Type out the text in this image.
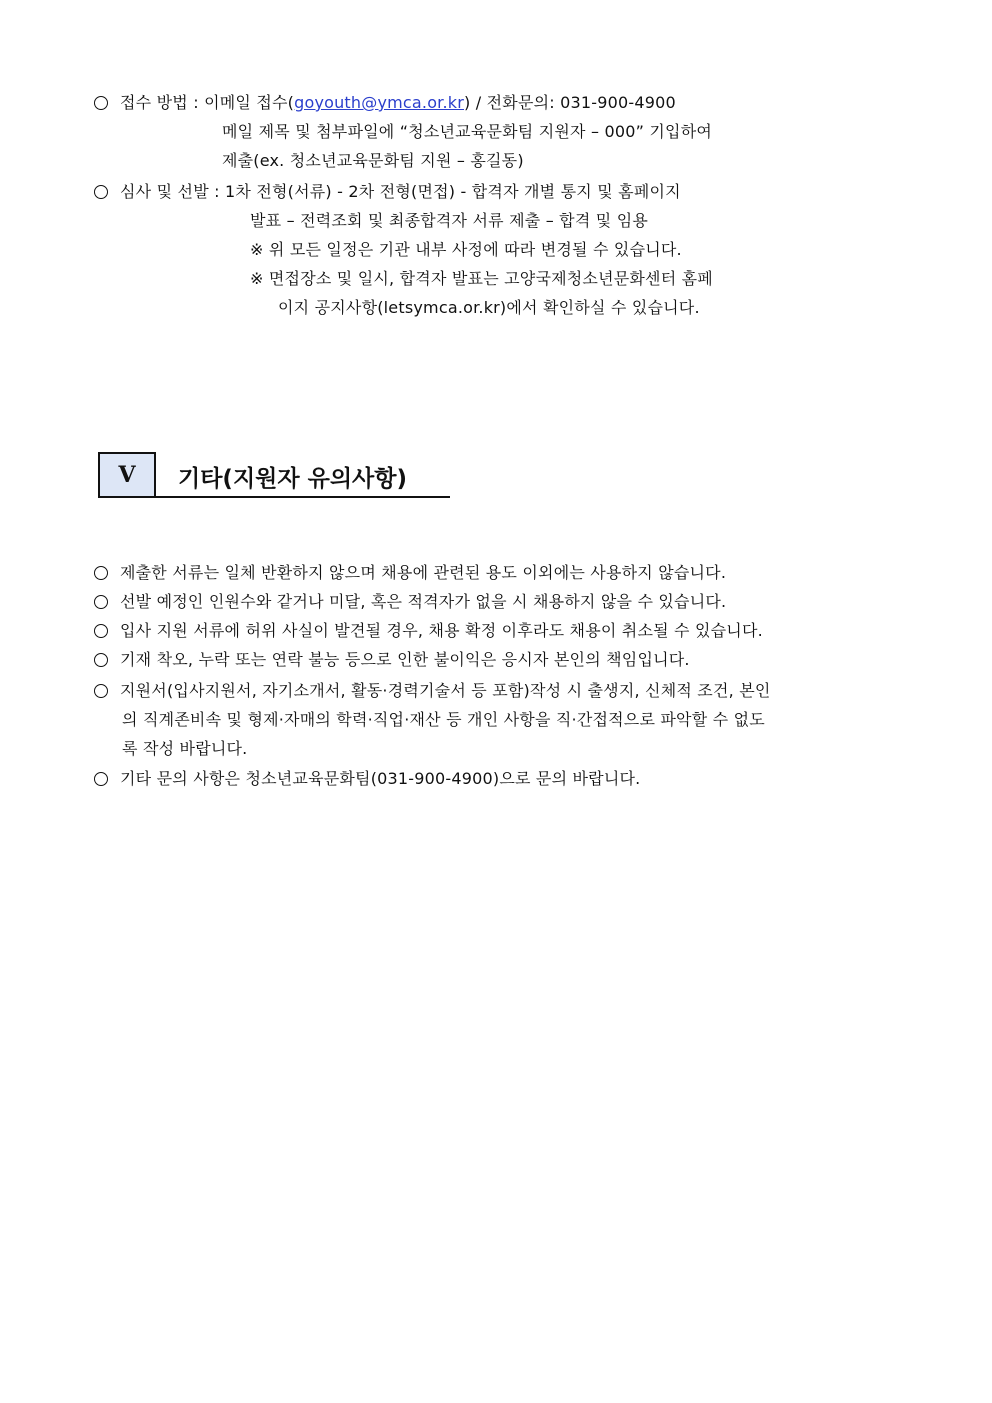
접수 방법 : 이메일 접수(goyouth@ymca.or.kr) / 전화문의: 031-900-4900
메일 제목 및 첨부파일에 “청소년교육문화팀 지원자 – 000” 기입하여
제출(ex. 청소년교육문화팀 지원 – 홍길동)
심사 및 선발 : 1차 전형(서류) - 2차 전형(면접) - 합격자 개별 통지 및 홈페이지
발표 – 전력조회 및 최종합격자 서류 제출 – 합격 및 임용
※ 위 모든 일정은 기관 내부 사정에 따라 변경될 수 있습니다.
※ 면접장소 및 일시, 합격자 발표는 고양국제청소년문화센터 홈페
이지 공지사항(letsymca.or.kr)에서 확인하실 수 있습니다.
V 기타(지원자 유의사항)
제출한 서류는 일체 반환하지 않으며 채용에 관련된 용도 이외에는 사용하지 않습니다.
선발 예정인 인원수와 같거나 미달, 혹은 적격자가 없을 시 채용하지 않을 수 있습니다.
입사 지원 서류에 허위 사실이 발견될 경우, 채용 확정 이후라도 채용이 취소될 수 있습니다.
기재 착오, 누락 또는 연락 불능 등으로 인한 불이익은 응시자 본인의 책임입니다.
지원서(입사지원서, 자기소개서, 활동·경력기술서 등 포함)작성 시 출생지, 신체적 조건, 본인
의 직계존비속 및 형제·자매의 학력·직업·재산 등 개인 사항을 직·간접적으로 파악할 수 없도
록 작성 바랍니다.
기타 문의 사항은 청소년교육문화팀(031-900-4900)으로 문의 바랍니다.
